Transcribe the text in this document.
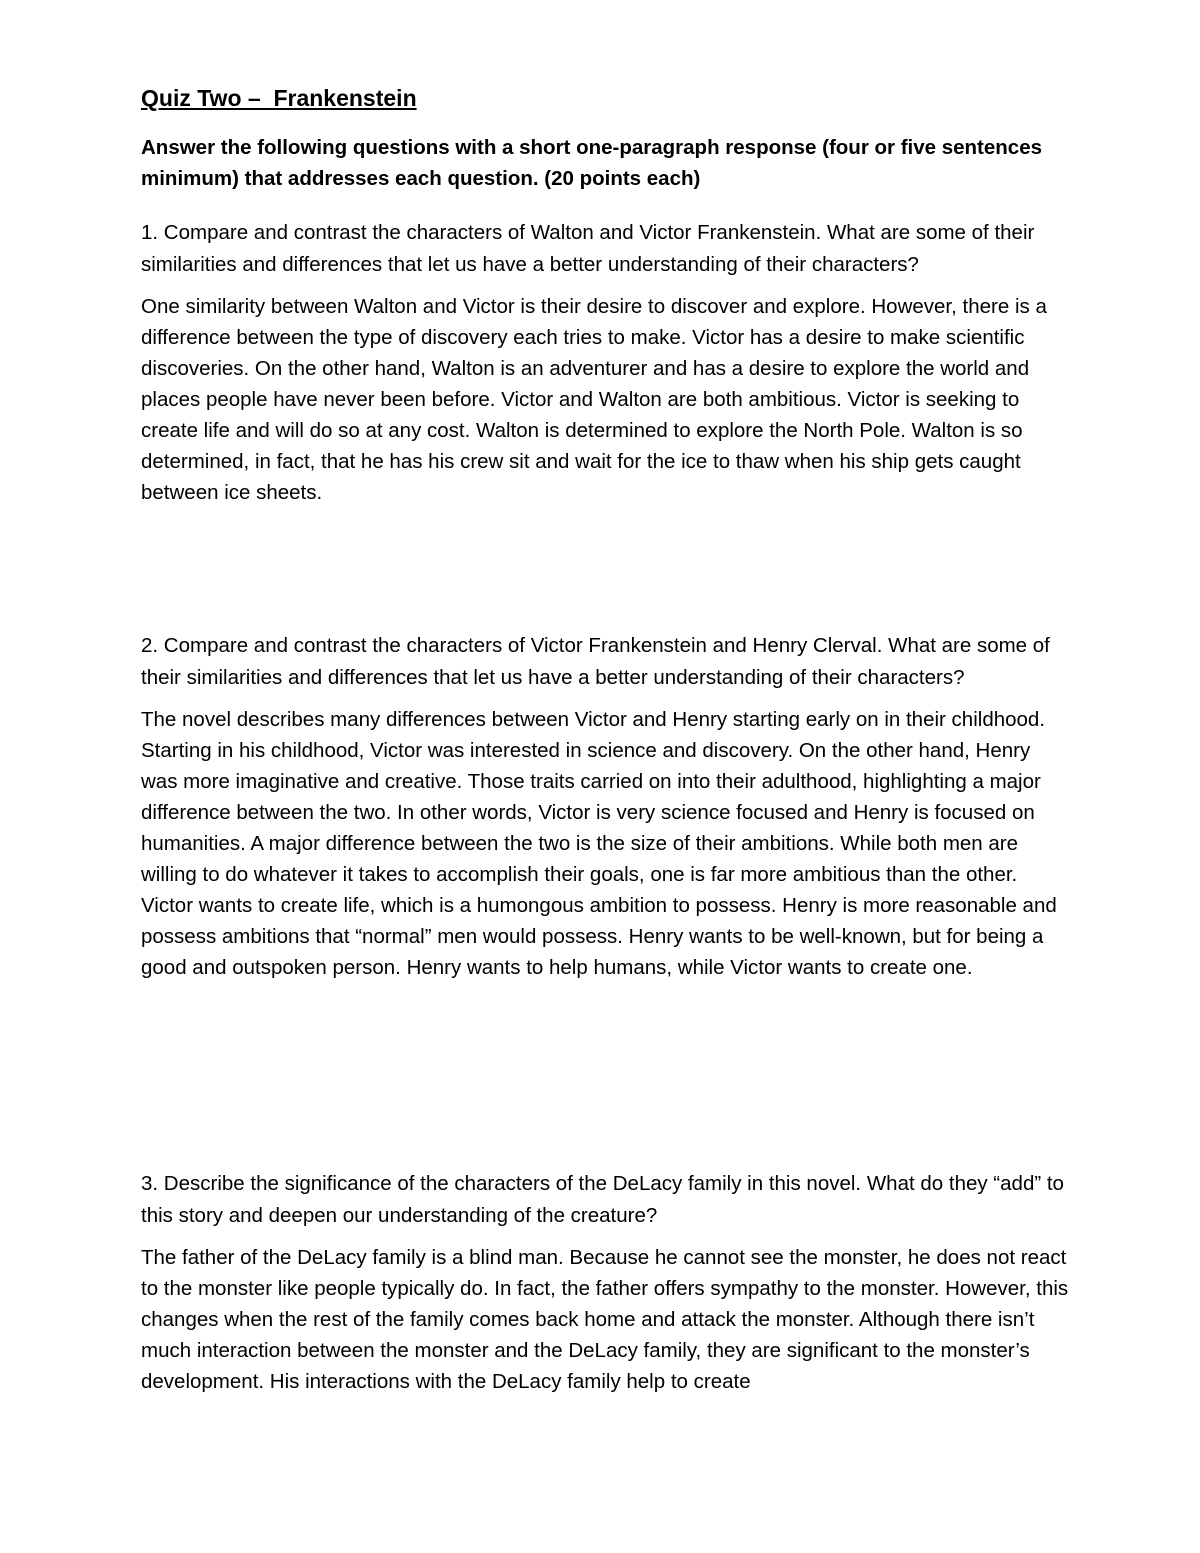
Quiz Two –  Frankenstein
Answer the following questions with a short one-paragraph response (four or five sentences minimum) that addresses each question. (20 points each)

1. Compare and contrast the characters of Walton and Victor Frankenstein. What are some of their similarities and differences that let us have a better understanding of their characters?

One similarity between Walton and Victor is their desire to discover and explore. However, there is a difference between the type of discovery each tries to make. Victor has a desire to make scientific discoveries. On the other hand, Walton is an adventurer and has a desire to explore the world and places people have never been before. Victor and Walton are both ambitious. Victor is seeking to create life and will do so at any cost. Walton is determined to explore the North Pole. Walton is so determined, in fact, that he has his crew sit and wait for the ice to thaw when his ship gets caught between ice sheets.

2. Compare and contrast the characters of Victor Frankenstein and Henry Clerval. What are some of their similarities and differences that let us have a better understanding of their characters?

The novel describes many differences between Victor and Henry starting early on in their childhood. Starting in his childhood, Victor was interested in science and discovery. On the other hand, Henry was more imaginative and creative. Those traits carried on into their adulthood, highlighting a major difference between the two. In other words, Victor is very science focused and Henry is focused on humanities. A major difference between the two is the size of their ambitions. While both men are willing to do whatever it takes to accomplish their goals, one is far more ambitious than the other. Victor wants to create life, which is a humongous ambition to possess. Henry is more reasonable and possess ambitions that “normal” men would possess. Henry wants to be well-known, but for being a good and outspoken person. Henry wants to help humans, while Victor wants to create one.

3. Describe the significance of the characters of the DeLacy family in this novel. What do they “add” to this story and deepen our understanding of the creature?

The father of the DeLacy family is a blind man. Because he cannot see the monster, he does not react to the monster like people typically do. In fact, the father offers sympathy to the monster. However, this changes when the rest of the family comes back home and attack the monster. Although there isn’t much interaction between the monster and the DeLacy family, they are significant to the monster’s development. His interactions with the DeLacy family help to create
